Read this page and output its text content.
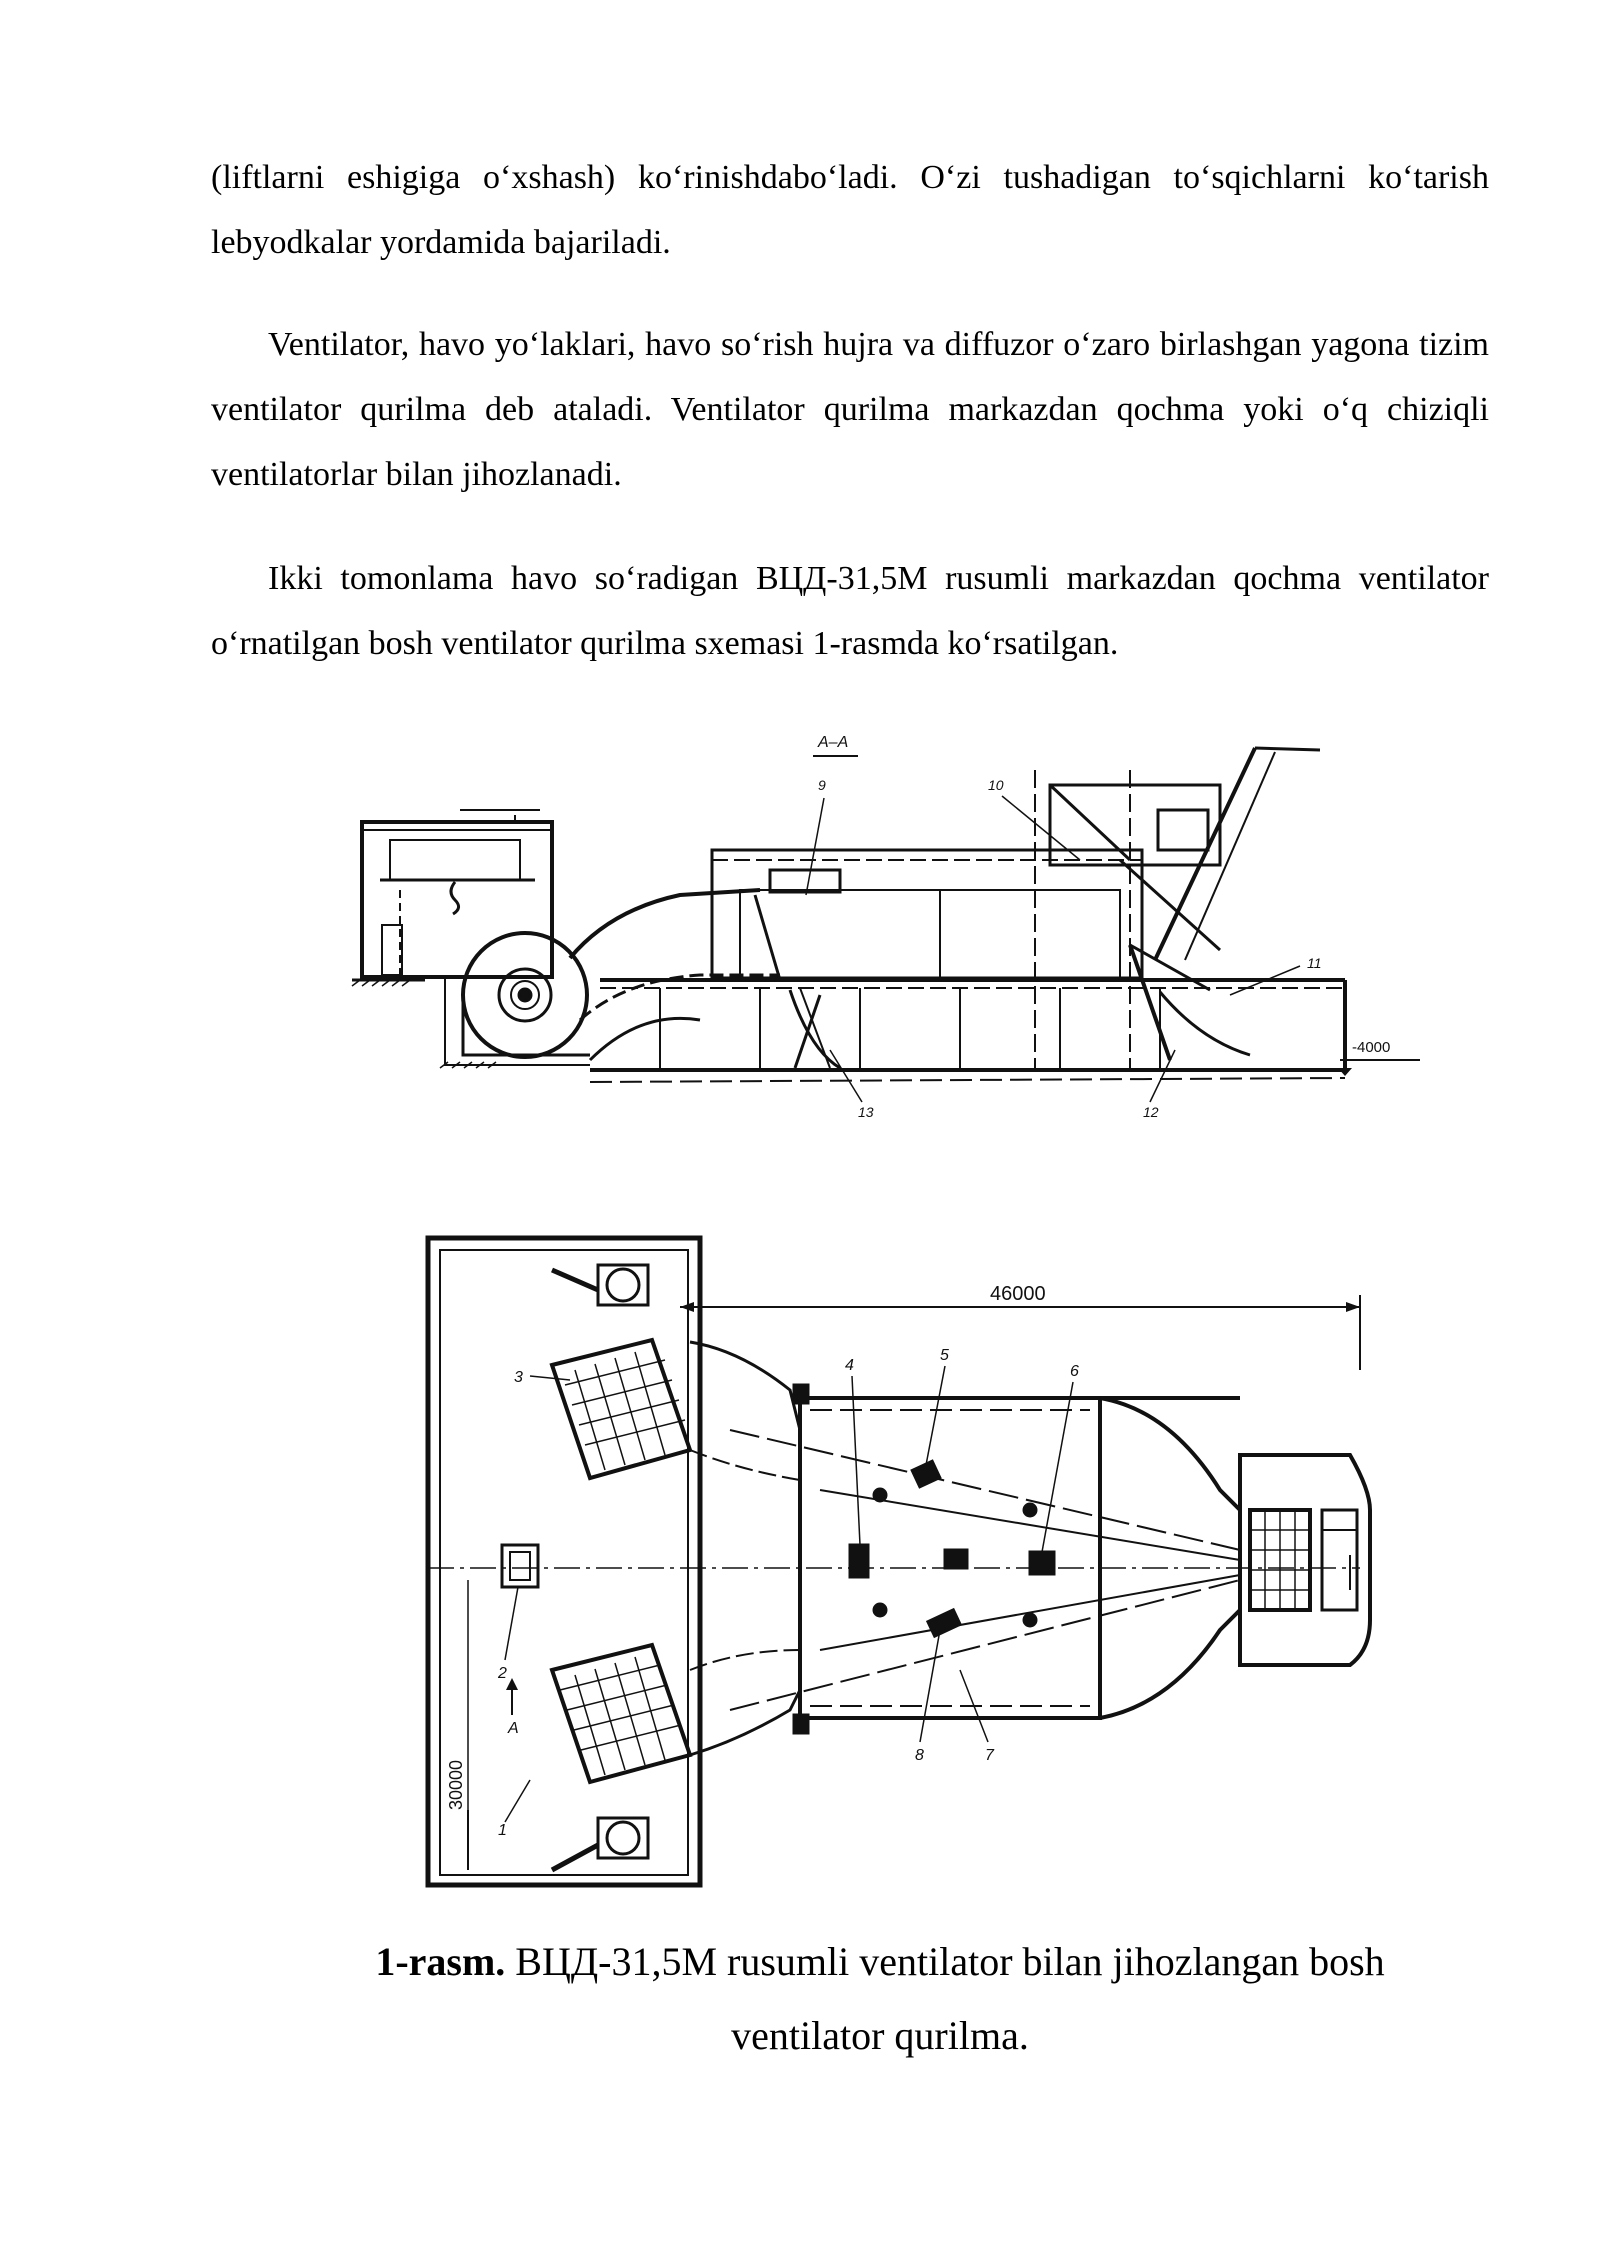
(liftlarni eshigiga o‘xshash) ko‘rinishdabo‘ladi. O‘zi tushadigan to‘sqichlarni ko‘tarish lebyodkalar yordamida bajariladi.

Ventilator, havo yo‘laklari, havo so‘rish hujra va diffuzor o‘zaro birlashgan yagona tizim ventilator qurilma deb ataladi. Ventilator qurilma markazdan qochma yoki o‘q chiziqli ventilatorlar bilan jihozlanadi.

Ikki tomonlama havo so‘radigan ВЦД-31,5М rusumli markazdan qochma ventilator o‘rnatilgan bosh ventilator qurilma sxemasi 1-rasmda ko‘rsatilgan.

A–A
-4000
9	10
11
13	12
46000
30000
3
4
5
6
2
1
8	7
A

1-rasm. ВЦД-31,5М rusumli ventilator bilan jihozlangan bosh ventilator qurilma.
